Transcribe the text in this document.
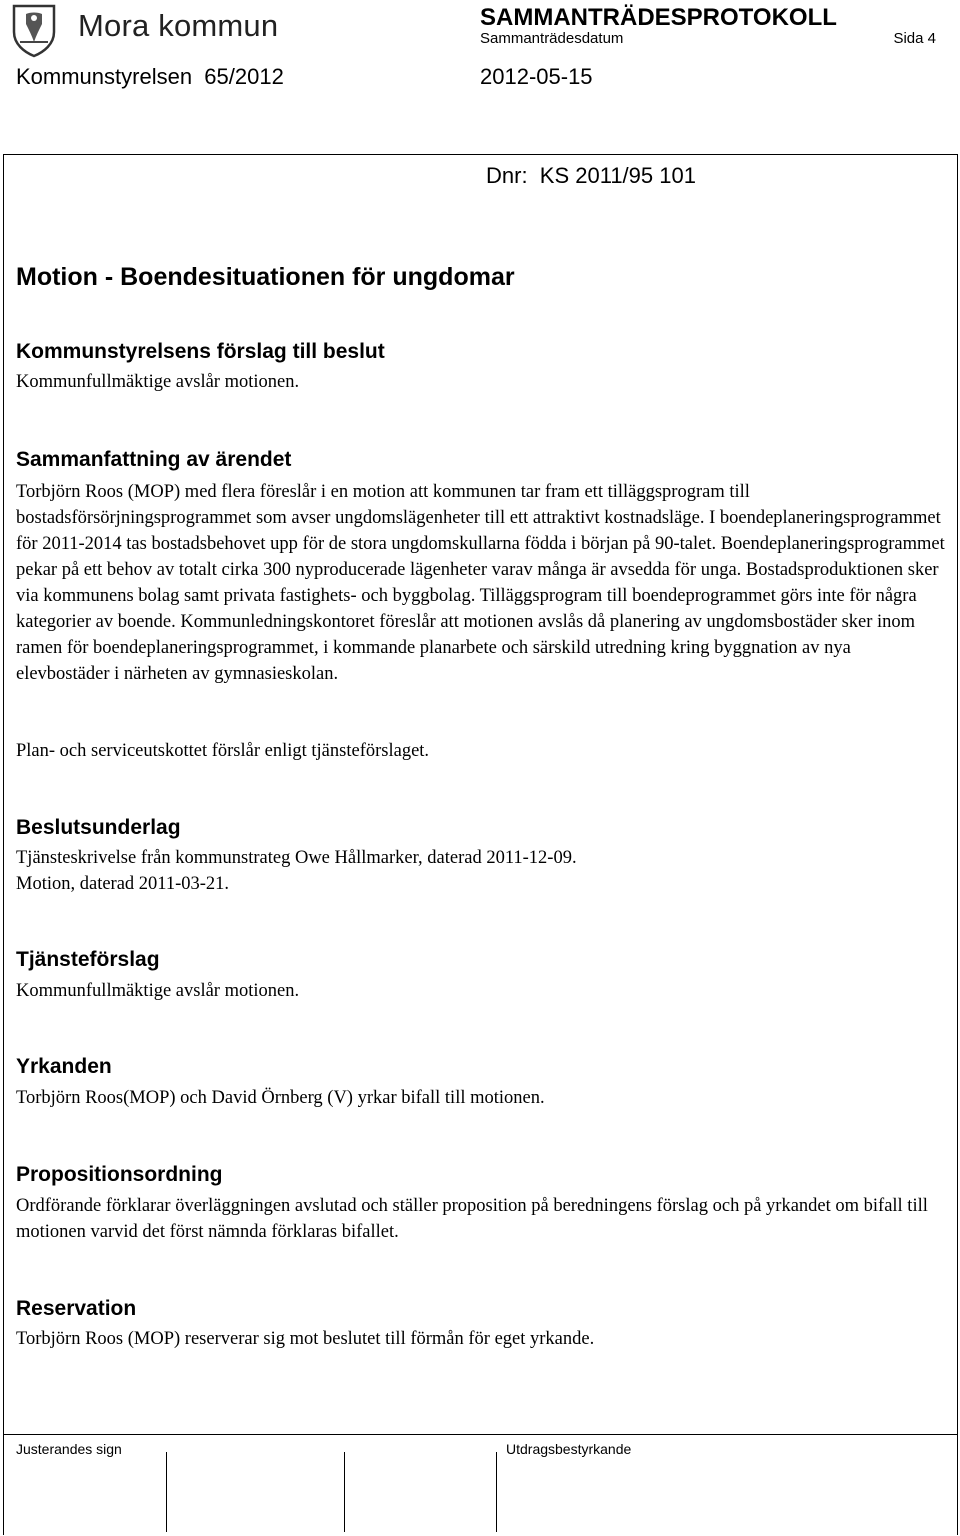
Mora kommun	SAMMANTRÄDESPROTOKOLL
Sammanträdesdatum	Sida 4
Kommunstyrelsen  65/2012	2012-05-15
Dnr:  KS 2011/95 101
Motion - Boendesituationen för ungdomar
Kommunstyrelsens förslag till beslut
Kommunfullmäktige avslår motionen.
Sammanfattning av ärendet
Torbjörn Roos (MOP) med flera föreslår i en motion att kommunen tar fram ett tilläggsprogram till bostadsförsörjningsprogrammet som avser ungdomslägenheter till ett attraktivt kostnadsläge. I boendeplaneringsprogrammet för 2011-2014 tas bostadsbehovet upp för de stora ungdomskullarna födda i början på 90-talet. Boendeplaneringsprogrammet pekar på ett behov av totalt cirka 300 nyproducerade lägenheter varav många är avsedda för unga. Bostadsproduktionen sker via kommunens bolag samt privata fastighets- och byggbolag. Tilläggsprogram till boendeprogrammet görs inte för några kategorier av boende. Kommunledningskontoret föreslår att motionen avslås då planering av ungdomsbostäder sker inom ramen för boendeplaneringsprogrammet, i kommande planarbete och särskild utredning kring byggnation av nya elevbostäder i närheten av gymnasieskolan.
Plan- och serviceutskottet förslår enligt tjänsteförslaget.
Beslutsunderlag
Tjänsteskrivelse från kommunstrateg Owe Hållmarker, daterad 2011-12-09.
Motion, daterad 2011-03-21.
Tjänsteförslag
Kommunfullmäktige avslår motionen.
Yrkanden
Torbjörn Roos(MOP) och David Örnberg (V) yrkar bifall till motionen.
Propositionsordning
Ordförande förklarar överläggningen avslutad och ställer proposition på beredningens förslag och på yrkandet om bifall till motionen varvid det först nämnda förklaras bifallet.
Reservation
Torbjörn Roos (MOP) reserverar sig mot beslutet till förmån för eget yrkande.
Justerandes sign	Utdragsbestyrkande
